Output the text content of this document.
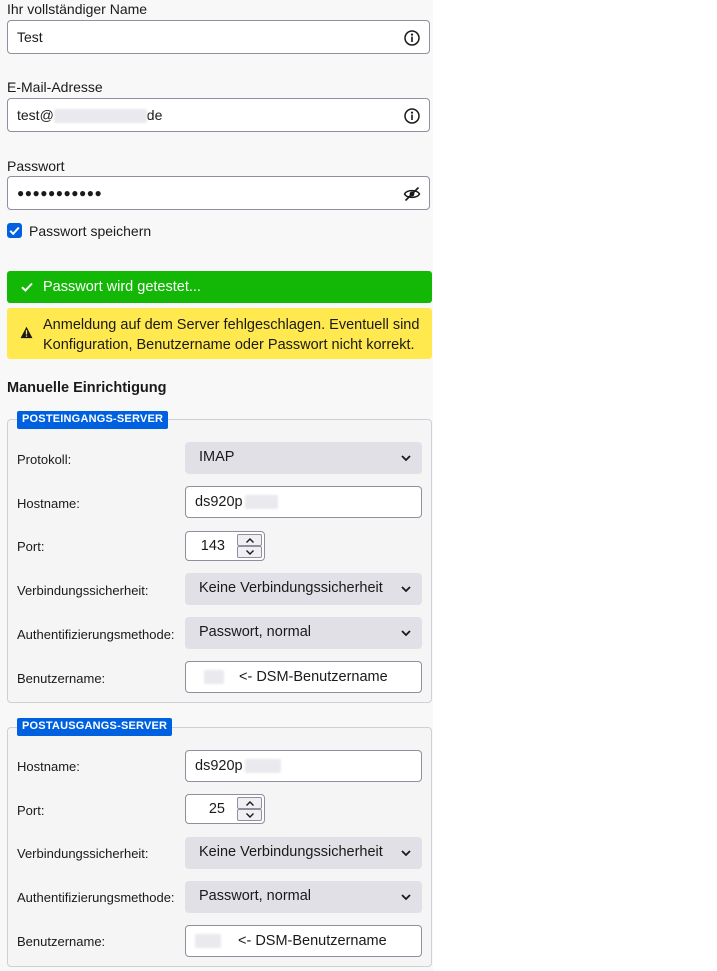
Ihr vollständiger Name
Test
E-Mail-Adresse
test@	de
Passwort
●●●●●●●●●●●
Passwort speichern
Passwort wird getestet...
Anmeldung auf dem Server fehlgeschlagen. Eventuell sind Konfiguration, Benutzername oder Passwort nicht korrekt.
Manuelle Einrichtigung
POSTEINGANGS-SERVER
Protokoll:	IMAP
Hostname:	ds920p
Port:	143
Verbindungssicherheit:	Keine Verbindungssicherheit
Authentifizierungsmethode: Passwort, normal
Benutzername:	<- DSM-Benutzername
POSTAUSGANGS-SERVER
Hostname:	ds920p
Port:	25
Verbindungssicherheit:	Keine Verbindungssicherheit
Authentifizierungsmethode: Passwort, normal
Benutzername:	<- DSM-Benutzername
